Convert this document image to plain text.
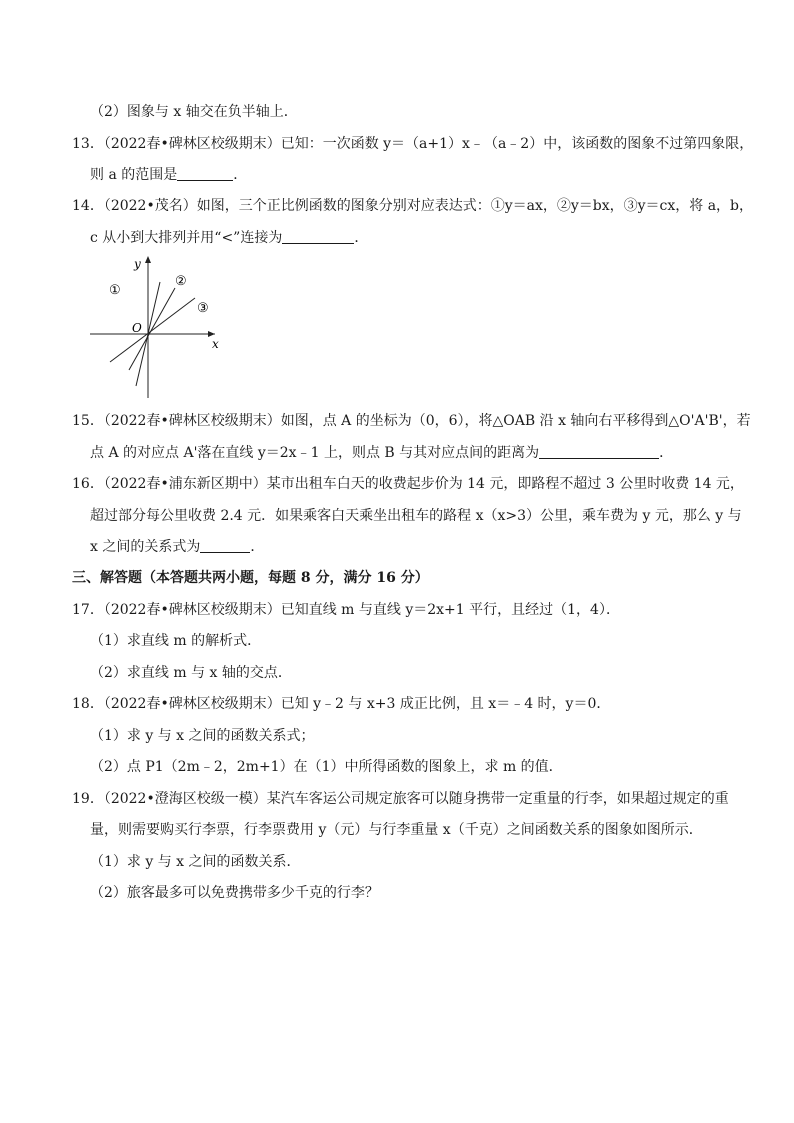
（2）图象与 x 轴交在负半轴上．
13．（2022春•碑林区校级期末）已知：一次函数 y＝（a+1）x﹣（a﹣2）中，该函数的图象不过第四象限，
则 a 的范围是	．
14．（2022•茂名）如图，三个正比例函数的图象分别对应表达式：①y＝ax，②y＝bx，③y＝cx，将 a，b，
c 从小到大排列并用“<”连接为	．
y
x
O
①
②
③
15．（2022春•碑林区校级期末）如图，点 A 的坐标为（0，6），将△OAB 沿 x 轴向右平移得到△O'A'B'，若
点 A 的对应点 A'落在直线 y＝2x﹣1 上，则点 B 与其对应点间的距离为	．
16．（2022春•浦东新区期中）某市出租车白天的收费起步价为 14 元，即路程不超过 3 公里时收费 14 元，
超过部分每公里收费 2.4 元．如果乘客白天乘坐出租车的路程 x（x>3）公里，乘车费为 y 元，那么 y 与
x 之间的关系式为	．
三、解答题（本答题共两小题，每题 8 分，满分 16 分）
17．（2022春•碑林区校级期末）已知直线 m 与直线 y＝2x+1 平行，且经过（1，4）．
（1）求直线 m 的解析式．
（2）求直线 m 与 x 轴的交点．
18．（2022春•碑林区校级期末）已知 y﹣2 与 x+3 成正比例，且 x＝﹣4 时，y＝0．
（1）求 y 与 x 之间的函数关系式；
（2）点 P1（2m﹣2，2m+1）在（1）中所得函数的图象上，求 m 的值．
19．（2022•澄海区校级一模）某汽车客运公司规定旅客可以随身携带一定重量的行李，如果超过规定的重
量，则需要购买行李票，行李票费用 y（元）与行李重量 x（千克）之间函数关系的图象如图所示．
（1）求 y 与 x 之间的函数关系．
（2）旅客最多可以免费携带多少千克的行李？
